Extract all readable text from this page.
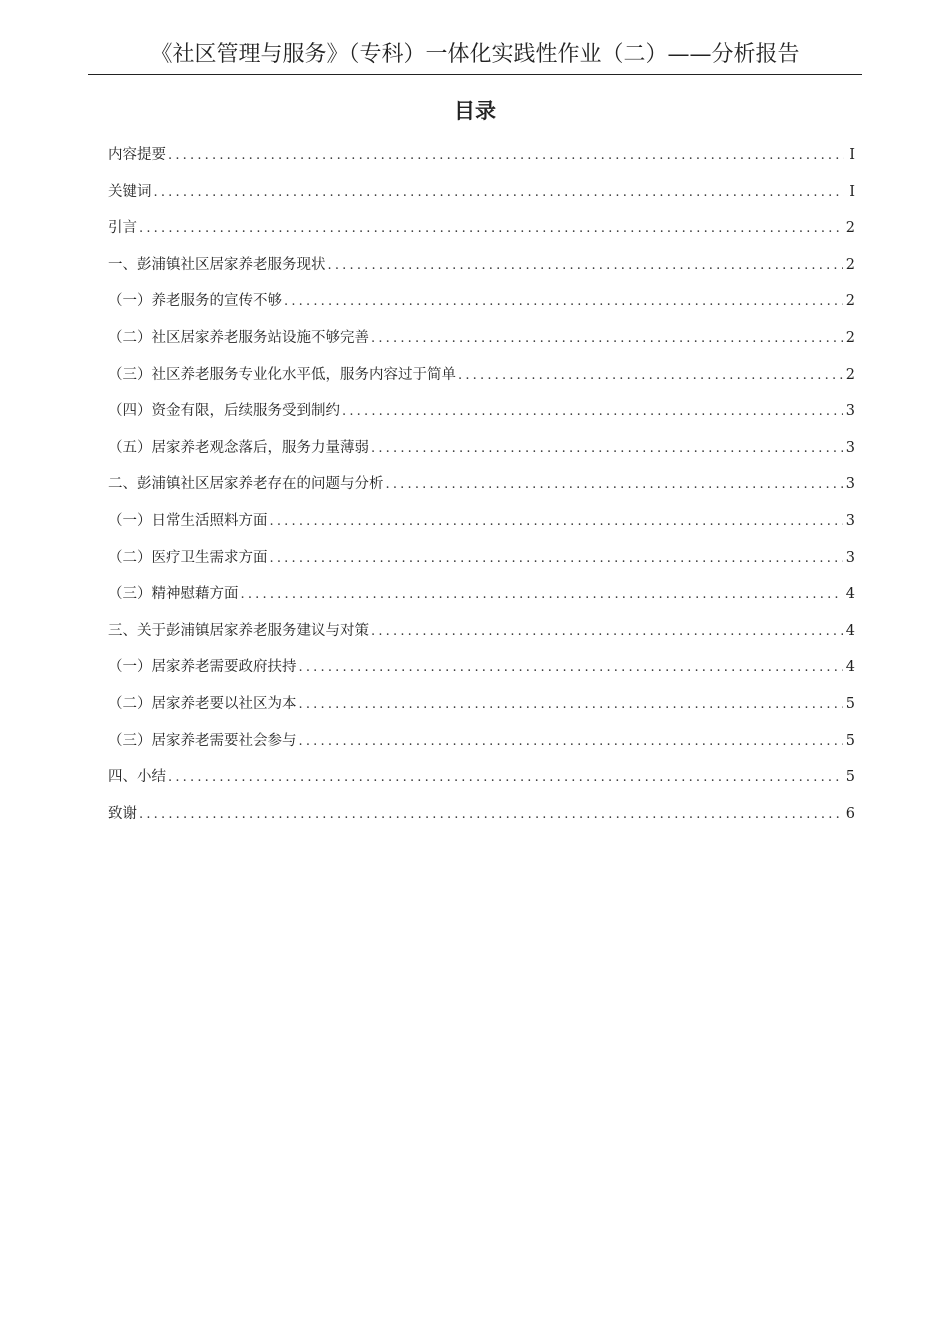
《社区管理与服务》（专科）一体化实践性作业（二）——分析报告
目录
内容提要 .....	I
关键词 .....	I
引言 .....	2
一、彭浦镇社区居家养老服务现状 .....	2
（一）养老服务的宣传不够 .....	2
（二）社区居家养老服务站设施不够完善 .....	2
（三）社区养老服务专业化水平低，服务内容过于简单 .....	2
（四）资金有限，后续服务受到制约 .....	3
（五）居家养老观念落后，服务力量薄弱 .....	3
二、彭浦镇社区居家养老存在的问题与分析 .....	3
（一）日常生活照料方面 .....	3
（二）医疗卫生需求方面 .....	3
（三）精神慰藉方面 .....	4
三、关于彭浦镇居家养老服务建议与对策 .....	4
（一）居家养老需要政府扶持 .....	4
（二）居家养老要以社区为本 .....	5
（三）居家养老需要社会参与 .....	5
四、小结 .....	5
致谢 .....	6
